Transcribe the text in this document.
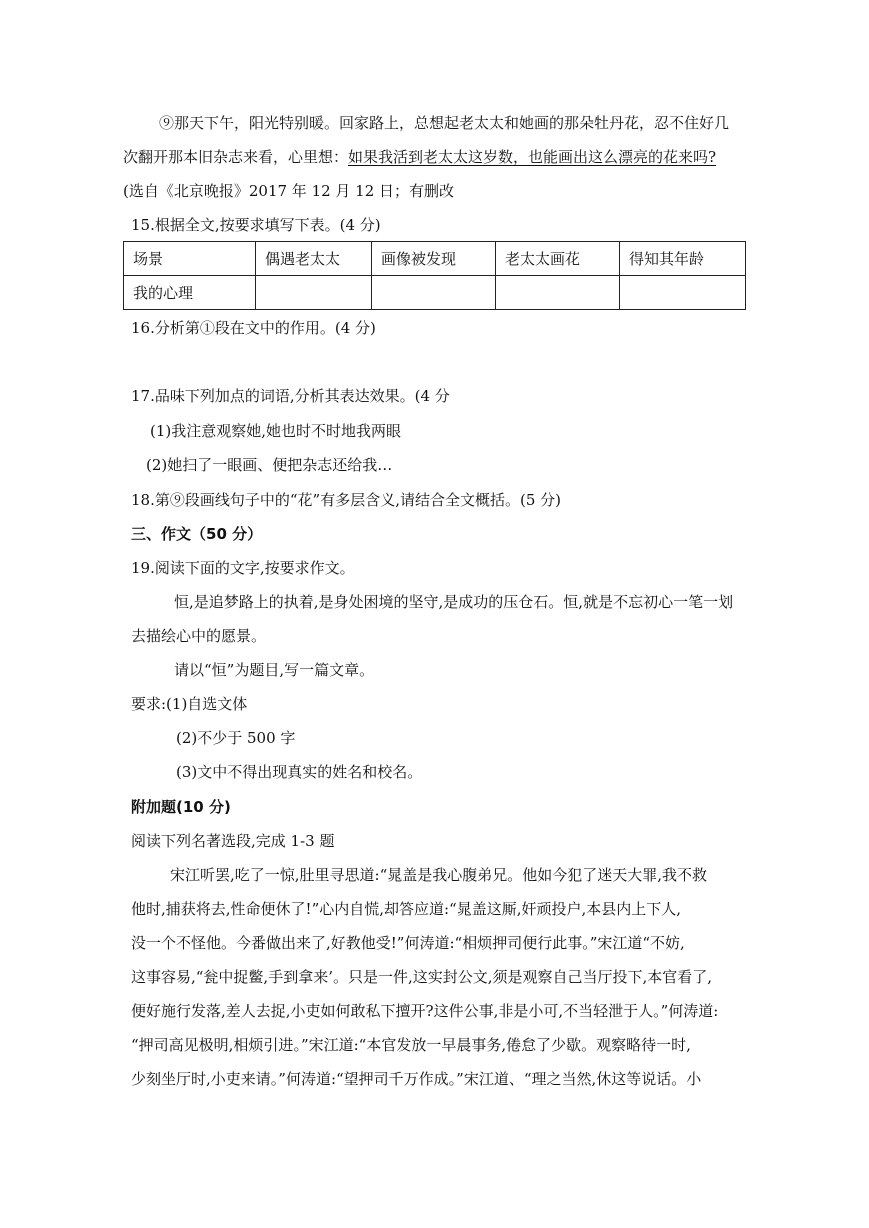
⑨那天下午，阳光特别暖。回家路上，总想起老太太和她画的那朵牡丹花，忍不住好几
次翻开那本旧杂志来看，心里想：如果我活到老太太这岁数，也能画出这么漂亮的花来吗?
(选自《北京晚报》2017 年 12 月 12 日；有删改
15.根据全文,按要求填写下表。(4 分)
场景	偶遇老太太	画像被发现	老太太画花	得知其年龄
我的心理				
16.分析第①段在文中的作用。(4 分)
17.品味下列加点的词语,分析其表达效果。(4 分
(1)我注意观察她,她也时不时地我两眼
(2)她扫了一眼画、便把杂志还给我…
18.第⑨段画线句子中的“花”有多层含义,请结合全文概括。(5 分)
三、作文（50 分）
19.阅读下面的文字,按要求作文。
恒,是追梦路上的执着,是身处困境的坚守,是成功的压仓石。恒,就是不忘初心一笔一划
去描绘心中的愿景。
请以“恒”为题目,写一篇文章。
要求:(1)自选文体
(2)不少于 500 字
(3)文中不得出现真实的姓名和校名。
附加题(10 分)
阅读下列名著选段,完成 1-3 题
宋江听罢,吃了一惊,肚里寻思道:“晁盖是我心腹弟兄。他如今犯了迷天大罪,我不救
他时,捕获将去,性命便休了!”心内自慌,却答应道:“晁盖这厮,奸顽投户,本县内上下人,
没一个不怪他。今番做出来了,好教他受!”何涛道:“相烦押司便行此事。”宋江道“不妨,
这事容易,“瓮中捉鳖,手到拿来’。只是一件,这实封公文,须是观察自己当厅投下,本官看了,
便好施行发落,差人去捉,小吏如何敢私下擅开?这件公事,非是小可,不当轻泄于人。”何涛道:
“押司高见极明,相烦引进。”宋江道:“本官发放一早晨事务,倦怠了少歇。观察略待一时,
少刻坐厅时,小吏来请。”何涛道:“望押司千万作成。”宋江道、“理之当然,休这等说话。小
